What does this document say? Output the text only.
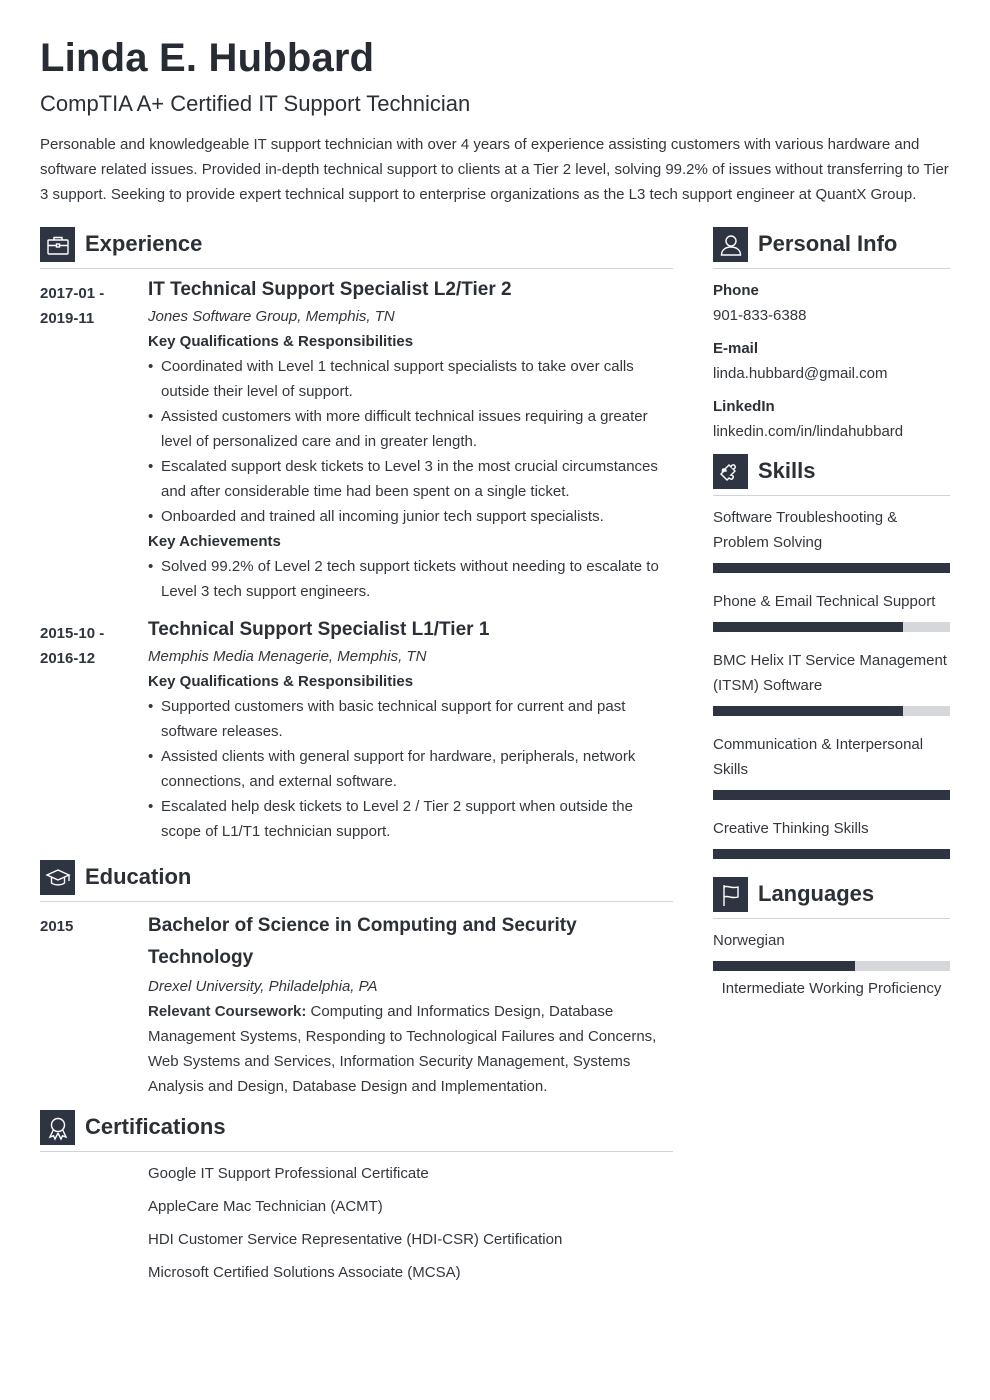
Linda E. Hubbard
CompTIA A+ Certified IT Support Technician
Personable and knowledgeable IT support technician with over 4 years of experience assisting customers with various hardware and software related issues. Provided in-depth technical support to clients at a Tier 2 level, solving 99.2% of issues without transferring to Tier 3 support. Seeking to provide expert technical support to enterprise organizations as the L3 tech support engineer at QuantX Group.
Experience
2017-01 -
2019-11
IT Technical Support Specialist L2/Tier 2
Jones Software Group, Memphis, TN
Key Qualifications & Responsibilities
• Coordinated with Level 1 technical support specialists to take over calls outside their level of support.
• Assisted customers with more difficult technical issues requiring a greater level of personalized care and in greater length.
• Escalated support desk tickets to Level 3 in the most crucial circumstances and after considerable time had been spent on a single ticket.
• Onboarded and trained all incoming junior tech support specialists.
Key Achievements
• Solved 99.2% of Level 2 tech support tickets without needing to escalate to Level 3 tech support engineers.
2015-10 -
2016-12
Technical Support Specialist L1/Tier 1
Memphis Media Menagerie, Memphis, TN
Key Qualifications & Responsibilities
• Supported customers with basic technical support for current and past software releases.
• Assisted clients with general support for hardware, peripherals, network connections, and external software.
• Escalated help desk tickets to Level 2 / Tier 2 support when outside the scope of L1/T1 technician support.
Education
2015	Bachelor of Science in Computing and Security Technology
Drexel University, Philadelphia, PA
Relevant Coursework: Computing and Informatics Design, Database Management Systems, Responding to Technological Failures and Concerns, Web Systems and Services, Information Security Management, Systems Analysis and Design, Database Design and Implementation.
Certifications
Google IT Support Professional Certificate
AppleCare Mac Technician (ACMT)
HDI Customer Service Representative (HDI-CSR) Certification
Microsoft Certified Solutions Associate (MCSA)
Personal Info
Phone
901-833-6388
E-mail
linda.hubbard@gmail.com
LinkedIn
linkedin.com/in/lindahubbard
Skills
Software Troubleshooting & Problem Solving
Phone & Email Technical Support
BMC Helix IT Service Management (ITSM) Software
Communication & Interpersonal Skills
Creative Thinking Skills
Languages
Norwegian
Intermediate Working Proficiency
